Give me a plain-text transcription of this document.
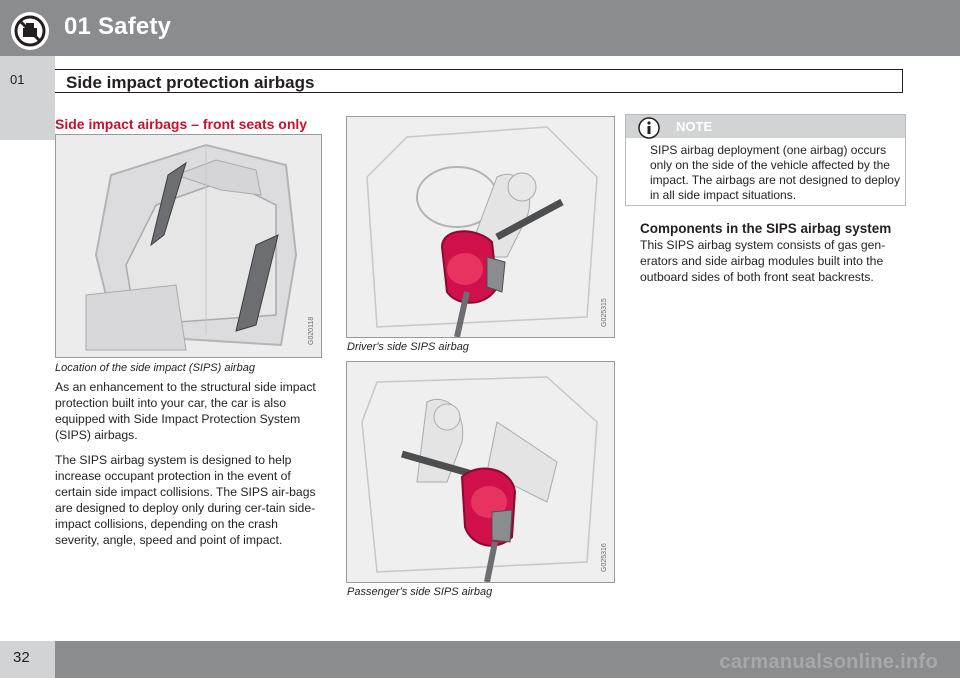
01 Safety
01 Side impact protection airbags
Side impact airbags – front seats only
G020118
Location of the side impact (SIPS) airbag

As an enhancement to the structural side impact protection built into your car, the car is also equipped with Side Impact Protection System (SIPS) airbags.

The SIPS airbag system is designed to help increase occupant protection in the event of certain side impact collisions. The SIPS air-bags are designed to deploy only during cer-tain side-impact collisions, depending on the crash severity, angle, speed and point of impact.

G025315
Driver's side SIPS airbag
G025316
Passenger's side SIPS airbag
NOTE
SIPS airbag deployment (one airbag) occurs only on the side of the vehicle affected by the impact. The airbags are not designed to deploy in all side impact situations.
Components in the SIPS airbag system
This SIPS airbag system consists of gas gen-erators and side airbag modules built into the outboard sides of both front seat backrests.
32	carmanualsonline.info
